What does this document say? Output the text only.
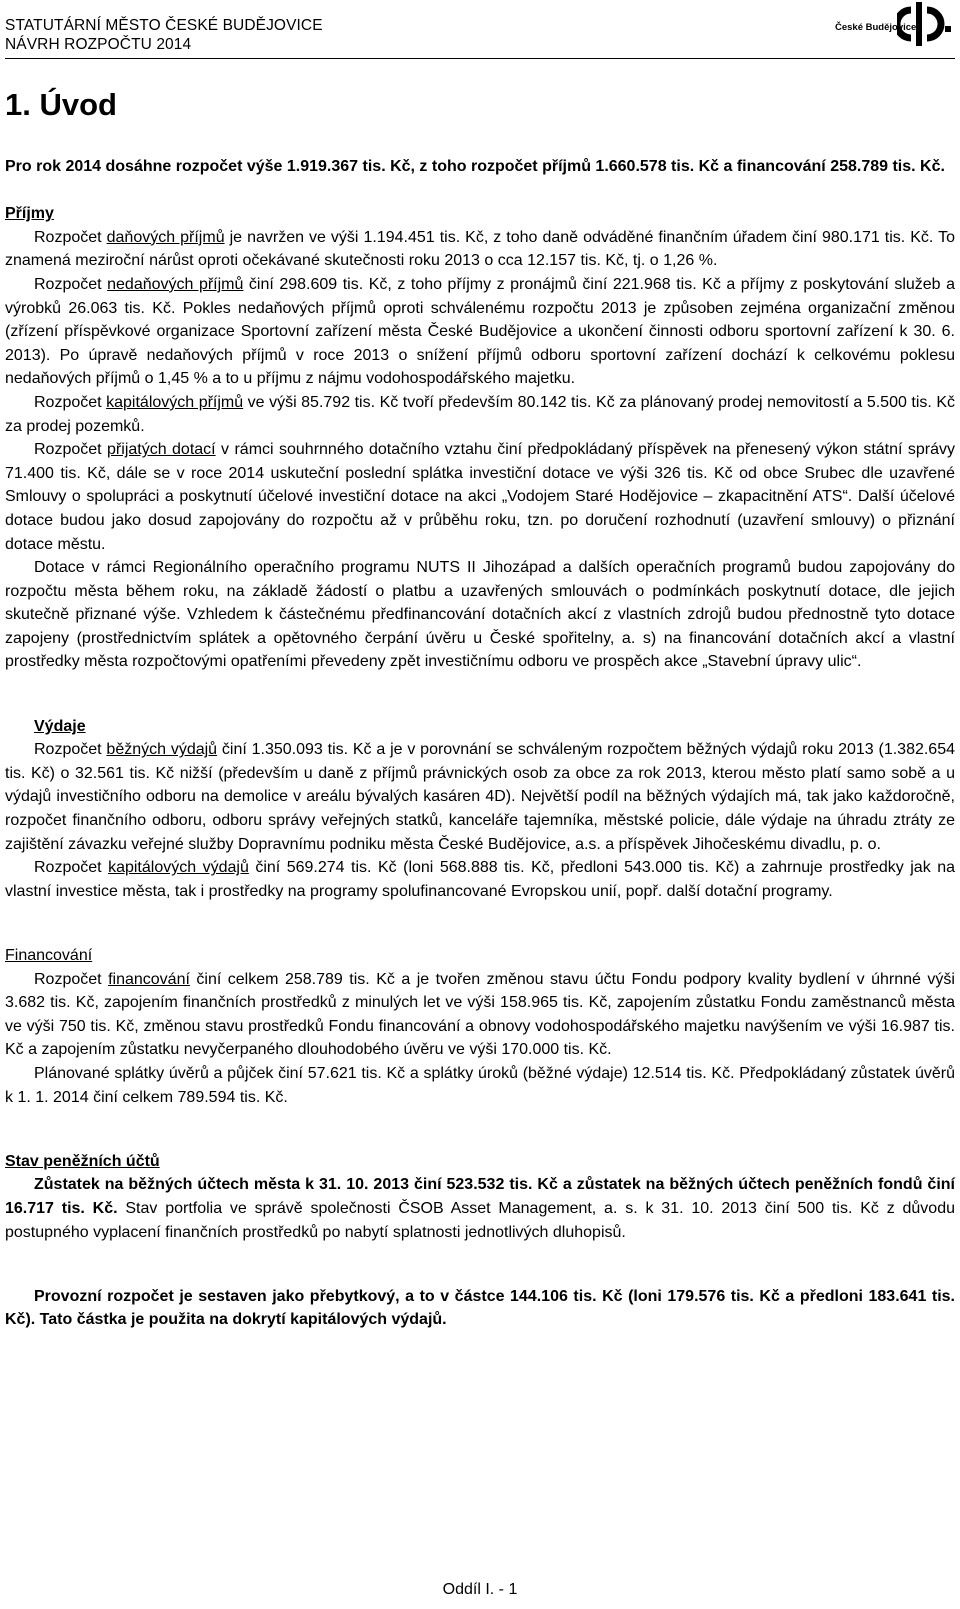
STATUTÁRNÍ MĚSTO ČESKÉ BUDĚJOVICE
NÁVRH ROZPOČTU 2014
České Budějovice
1. Úvod

Pro rok 2014 dosáhne rozpočet výše 1.919.367 tis. Kč, z toho rozpočet příjmů 1.660.578 tis. Kč a financování 258.789 tis. Kč.

Příjmy

Rozpočet daňových příjmů je navržen ve výši 1.194.451 tis. Kč, z toho daně odváděné finančním úřadem činí 980.171 tis. Kč. To znamená meziroční nárůst oproti očekávané skutečnosti roku 2013 o cca 12.157 tis. Kč, tj. o 1,26 %.

Rozpočet nedaňových příjmů činí 298.609 tis. Kč, z toho příjmy z pronájmů činí 221.968 tis. Kč a příjmy z poskytování služeb a výrobků 26.063 tis. Kč. Pokles nedaňových příjmů oproti schválenému rozpočtu 2013 je způsoben zejména organizační změnou (zřízení příspěvkové organizace Sportovní zařízení města České Budějovice a ukončení činnosti odboru sportovní zařízení k 30. 6. 2013). Po úpravě nedaňových příjmů v roce 2013 o snížení příjmů odboru sportovní zařízení dochází k celkovému poklesu nedaňových příjmů o 1,45 % a to u příjmu z nájmu vodohospodářského majetku.

Rozpočet kapitálových příjmů ve výši 85.792 tis. Kč tvoří především 80.142 tis. Kč za plánovaný prodej nemovitostí a 5.500 tis. Kč za prodej pozemků.

Rozpočet přijatých dotací v rámci souhrnného dotačního vztahu činí předpokládaný příspěvek na přenesený výkon státní správy 71.400 tis. Kč, dále se v roce 2014 uskuteční poslední splátka investiční dotace ve výši 326 tis. Kč od obce Srubec dle uzavřené Smlouvy o spolupráci a poskytnutí účelové investiční dotace na akci „Vodojem Staré Hodějovice – zkapacitnění ATS“. Další účelové dotace budou jako dosud zapojovány do rozpočtu až v průběhu roku, tzn. po doručení rozhodnutí (uzavření smlouvy) o přiznání dotace městu.

Dotace v rámci Regionálního operačního programu NUTS II Jihozápad a dalších operačních programů budou zapojovány do rozpočtu města během roku, na základě žádostí o platbu a uzavřených smlouvách o podmínkách poskytnutí dotace, dle jejich skutečně přiznané výše. Vzhledem k částečnému předfinancování dotačních akcí z vlastních zdrojů budou přednostně tyto dotace zapojeny (prostřednictvím splátek a opětovného čerpání úvěru u České spořitelny, a. s) na financování dotačních akcí a vlastní prostředky města rozpočtovými opatřeními převedeny zpět investičnímu odboru ve prospěch akce „Stavební úpravy ulic“.

Výdaje

Rozpočet běžných výdajů činí 1.350.093 tis. Kč a je v porovnání se schváleným rozpočtem běžných výdajů roku 2013 (1.382.654 tis. Kč) o 32.561 tis. Kč nižší (především u daně z příjmů právnických osob za obce za rok 2013, kterou město platí samo sobě a u výdajů investičního odboru na demolice v areálu bývalých kasáren 4D). Největší podíl na běžných výdajích má, tak jako každoročně, rozpočet finančního odboru, odboru správy veřejných statků, kanceláře tajemníka, městské policie, dále výdaje na úhradu ztráty ze zajištění závazku veřejné služby Dopravnímu podniku města České Budějovice, a.s. a příspěvek Jihočeskému divadlu, p. o.

Rozpočet kapitálových výdajů činí 569.274 tis. Kč (loni 568.888 tis. Kč, předloni 543.000 tis. Kč) a zahrnuje prostředky jak na vlastní investice města, tak i prostředky na programy spolufinancované Evropskou unií, popř. další dotační programy.

Financování

Rozpočet financování činí celkem 258.789 tis. Kč a je tvořen změnou stavu účtu Fondu podpory kvality bydlení v úhrnné výši 3.682 tis. Kč, zapojením finančních prostředků z minulých let ve výši 158.965 tis. Kč, zapojením zůstatku Fondu zaměstnanců města ve výši 750 tis. Kč, změnou stavu prostředků Fondu financování a obnovy vodohospodářského majetku navýšením ve výši 16.987 tis. Kč a zapojením zůstatku nevyčerpaného dlouhodobého úvěru ve výši 170.000 tis. Kč.

Plánované splátky úvěrů a půjček činí 57.621 tis. Kč a splátky úroků (běžné výdaje) 12.514 tis. Kč. Předpokládaný zůstatek úvěrů k 1. 1. 2014 činí celkem 789.594 tis. Kč.

Stav peněžních účtů

Zůstatek na běžných účtech města k 31. 10. 2013 činí 523.532 tis. Kč a zůstatek na běžných účtech peněžních fondů činí 16.717 tis. Kč. Stav portfolia ve správě společnosti ČSOB Asset Management, a. s. k 31. 10. 2013 činí 500 tis. Kč z důvodu postupného vyplacení finančních prostředků po nabytí splatnosti jednotlivých dluhopisů.

Provozní rozpočet je sestaven jako přebytkový, a to v částce 144.106 tis. Kč (loni 179.576 tis. Kč a předloni 183.641 tis. Kč). Tato částka je použita na dokrytí kapitálových výdajů.

Oddíl I. - 1
